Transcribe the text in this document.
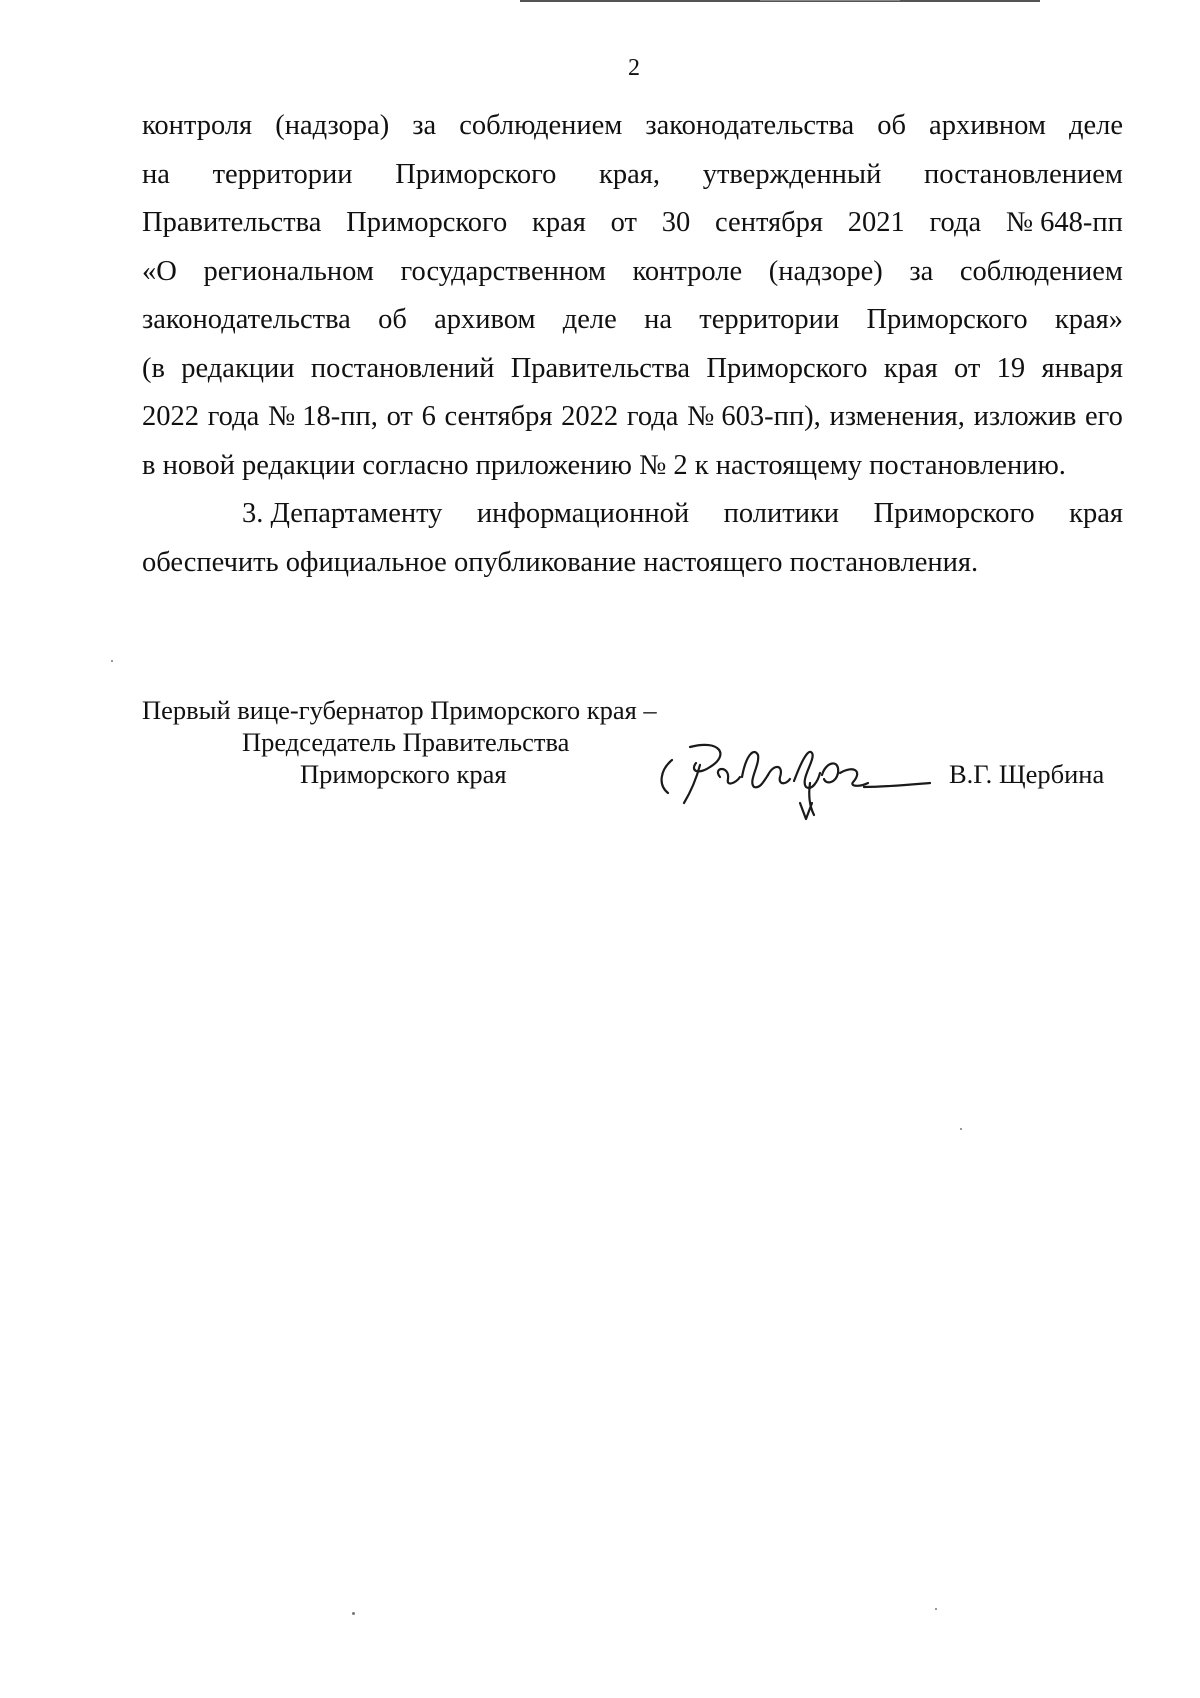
2
контроля (надзора) за соблюдением законодательства об архивном деле
на территории Приморского края, утвержденный постановлением
Правительства Приморского края от 30 сентября 2021 года № 648-пп
«О региональном государственном контроле (надзоре) за соблюдением
законодательства об архивом деле на территории Приморского края»
(в редакции постановлений Правительства Приморского края от 19 января
2022 года № 18-пп, от 6 сентября 2022 года № 603-пп), изменения, изложив его
в новой редакции согласно приложению № 2 к настоящему постановлению.
3. Департаменту информационной политики Приморского края
обеспечить официальное опубликование настоящего постановления.
Первый вице-губернатор Приморского края –
Председатель Правительства
Приморского края	В.Г. Щербина
